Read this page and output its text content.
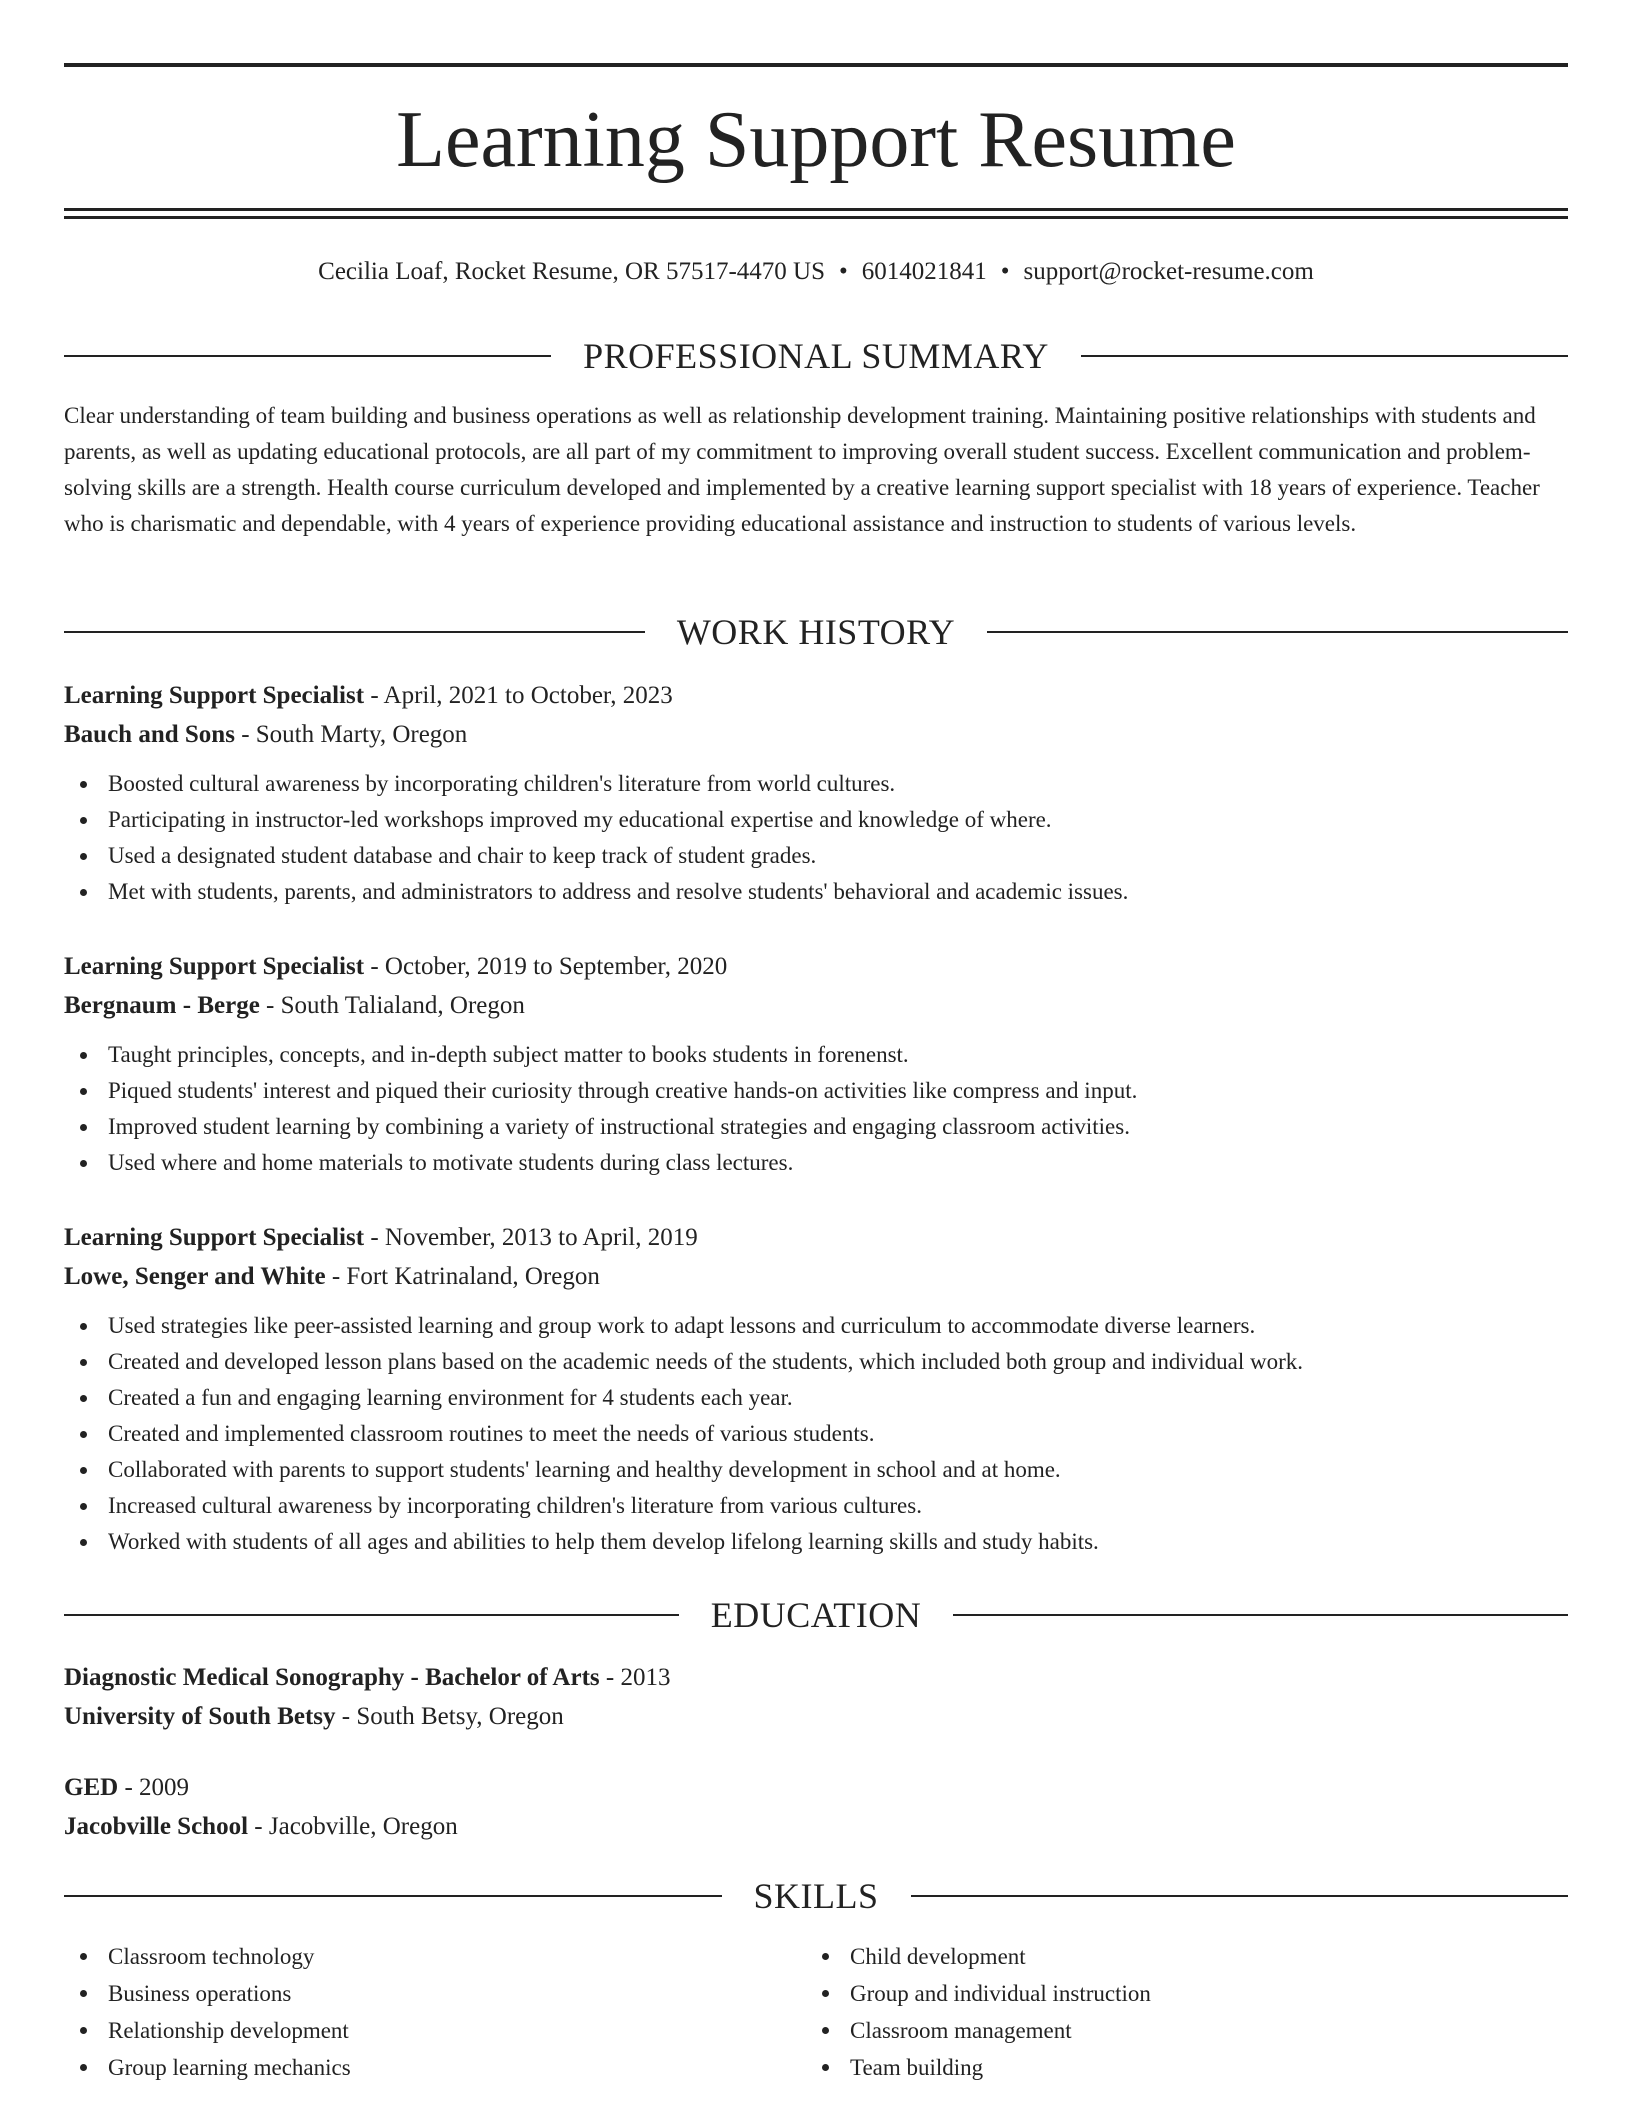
Learning Support Resume
Cecilia Loaf, Rocket Resume, OR 57517-4470 US • 6014021841 • support@rocket-resume.com
PROFESSIONAL SUMMARY

Clear understanding of team building and business operations as well as relationship development training. Maintaining positive relationships with students and parents, as well as updating educational protocols, are all part of my commitment to improving overall student success. Excellent communication and problem-solving skills are a strength. Health course curriculum developed and implemented by a creative learning support specialist with 18 years of experience. Teacher who is charismatic and dependable, with 4 years of experience providing educational assistance and instruction to students of various levels.

WORK HISTORY
Learning Support Specialist - April, 2021 to October, 2023
Bauch and Sons - South Marty, Oregon
Boosted cultural awareness by incorporating children's literature from world cultures.
Participating in instructor-led workshops improved my educational expertise and knowledge of where.
Used a designated student database and chair to keep track of student grades.
Met with students, parents, and administrators to address and resolve students' behavioral and academic issues.
Learning Support Specialist - October, 2019 to September, 2020
Bergnaum - Berge - South Talialand, Oregon
Taught principles, concepts, and in-depth subject matter to books students in forenenst.
Piqued students' interest and piqued their curiosity through creative hands-on activities like compress and input.
Improved student learning by combining a variety of instructional strategies and engaging classroom activities.
Used where and home materials to motivate students during class lectures.
Learning Support Specialist - November, 2013 to April, 2019
Lowe, Senger and White - Fort Katrinaland, Oregon
Used strategies like peer-assisted learning and group work to adapt lessons and curriculum to accommodate diverse learners.
Created and developed lesson plans based on the academic needs of the students, which included both group and individual work.
Created a fun and engaging learning environment for 4 students each year.
Created and implemented classroom routines to meet the needs of various students.
Collaborated with parents to support students' learning and healthy development in school and at home.
Increased cultural awareness by incorporating children's literature from various cultures.
Worked with students of all ages and abilities to help them develop lifelong learning skills and study habits.
EDUCATION
Diagnostic Medical Sonography - Bachelor of Arts - 2013
University of South Betsy - South Betsy, Oregon
GED - 2009
Jacobville School - Jacobville, Oregon
SKILLS
Classroom technology
Business operations
Relationship development
Group learning mechanics
Child development
Group and individual instruction
Classroom management
Team building
